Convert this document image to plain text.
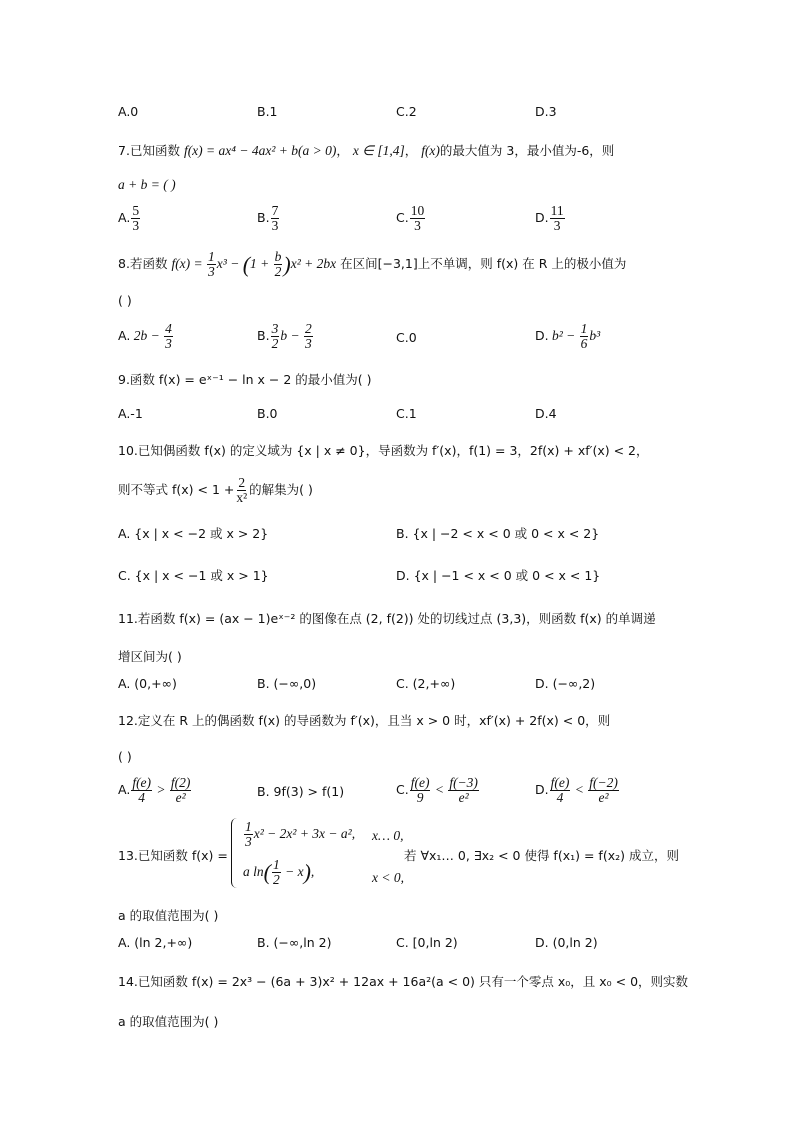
A.0	B.1	C.2	D.3
7.已知函数 f(x) = ax⁴ − 4ax² + b(a > 0)， x ∈ [1,4]， f(x)的最大值为 3，最小值为-6，则
a + b = ( )
A. $\frac{5}{3}$	B. $\frac{7}{3}$	C. $\frac{10}{3}$	D. $\frac{11}{3}$
8.若函数 $f(x) = \frac{1}{3} x^3 - (1 + \frac{b}{2} )x^2 + 2bx$ 在区间[−3,1]上不单调，则 f(x) 在 R 上的极小值为
( )
A. $2b - \frac{4}{3}$	B. $\frac{3}{2}$ $b - \frac{2}{3}$	C.0	D. $b^2 - \frac{1}{6} b^3$
9.函数 f(x) = eˣ⁻¹ − ln x − 2 的最小值为( )
A.-1	B.0	C.1	D.4
10.已知偶函数 f(x) 的定义域为 {x | x ≠ 0}，导函数为 f′(x)，f(1) = 3，2f(x) + xf′(x) < 2，
则不等式 $f(x) < 1 + \frac{2}{\text{x²}}$ 的解集为( )
A. {x | x < −2 或 x > 2}	B. {x | −2 < x < 0 或 0 < x < 2}
C. {x | x < −1 或 x > 1}	D. {x | −1 < x < 0 或 0 < x < 1}
11.若函数 f(x) = (ax − 1)eˣ⁻² 的图像在点 (2, f(2)) 处的切线过点 (3,3)，则函数 f(x) 的单调递
增区间为( )
A. (0,+∞)	B. (−∞,0)	C. (2,+∞)	D. (−∞,2)
12.定义在 R 上的偶函数 f(x) 的导函数为 f′(x)，且当 x > 0 时，xf′(x) + 2f(x) < 0，则
( )
A. $\frac{f(e)}{4} > \frac{f(2)}{\text{e²}}$	B. 9f(3) > f(1)	C. $\frac{f(e)}{9} < \frac{f(-3)}{\text{e²}}$	D. $\frac{f(e)}{4} < \frac{f(-2)}{\text{e²}}$
13.已知函数 f(x) =
$\frac{1}{3} x^2 - 2x^2 + 3x - a^2$, x… 0,
a $\ln( \frac{1}{2} - x)$,	x < 0,
若 ∀x₁… 0, ∃x₂ < 0 使得 f(x₁) = f(x₂) 成立，则
a 的取值范围为( )
A. (ln 2,+∞)	B. (−∞,ln 2)	C. [0,ln 2)	D. (0,ln 2)
14.已知函数 f(x) = 2x³ − (6a + 3)x² + 12ax + 16a²(a < 0) 只有一个零点 x₀，且 x₀ < 0，则实数
a 的取值范围为( )
